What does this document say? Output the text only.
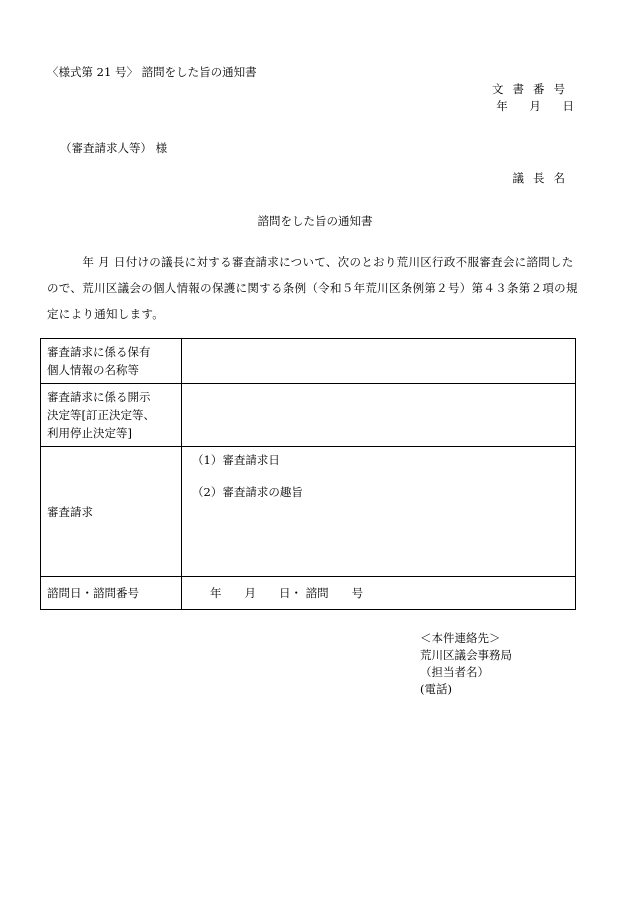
〈様式第 21 号〉 諮問をした旨の通知書
文書番号
年 月 日
（審査請求人等） 様
議長名
諮問をした旨の通知書
　　　年 月 日付けの議長に対する審査請求について、次のとおり荒川区行政不服審査会に諮問したので、荒川区議会の個人情報の保護に関する条例（令和５年荒川区条例第２号）第４３条第２項の規定により通知します。
審査請求に係る保有
個人情報の名称等	

審査請求に係る開示
決定等[訂正決定等、
利用停止決定等]	

審査請求	（1）審査請求日
（2）審査請求の趣旨

諮問日・諮問番号	年　　月　　日・ 諮問　　号
＜本件連絡先＞
荒川区議会事務局
（担当者名）
(電話)
